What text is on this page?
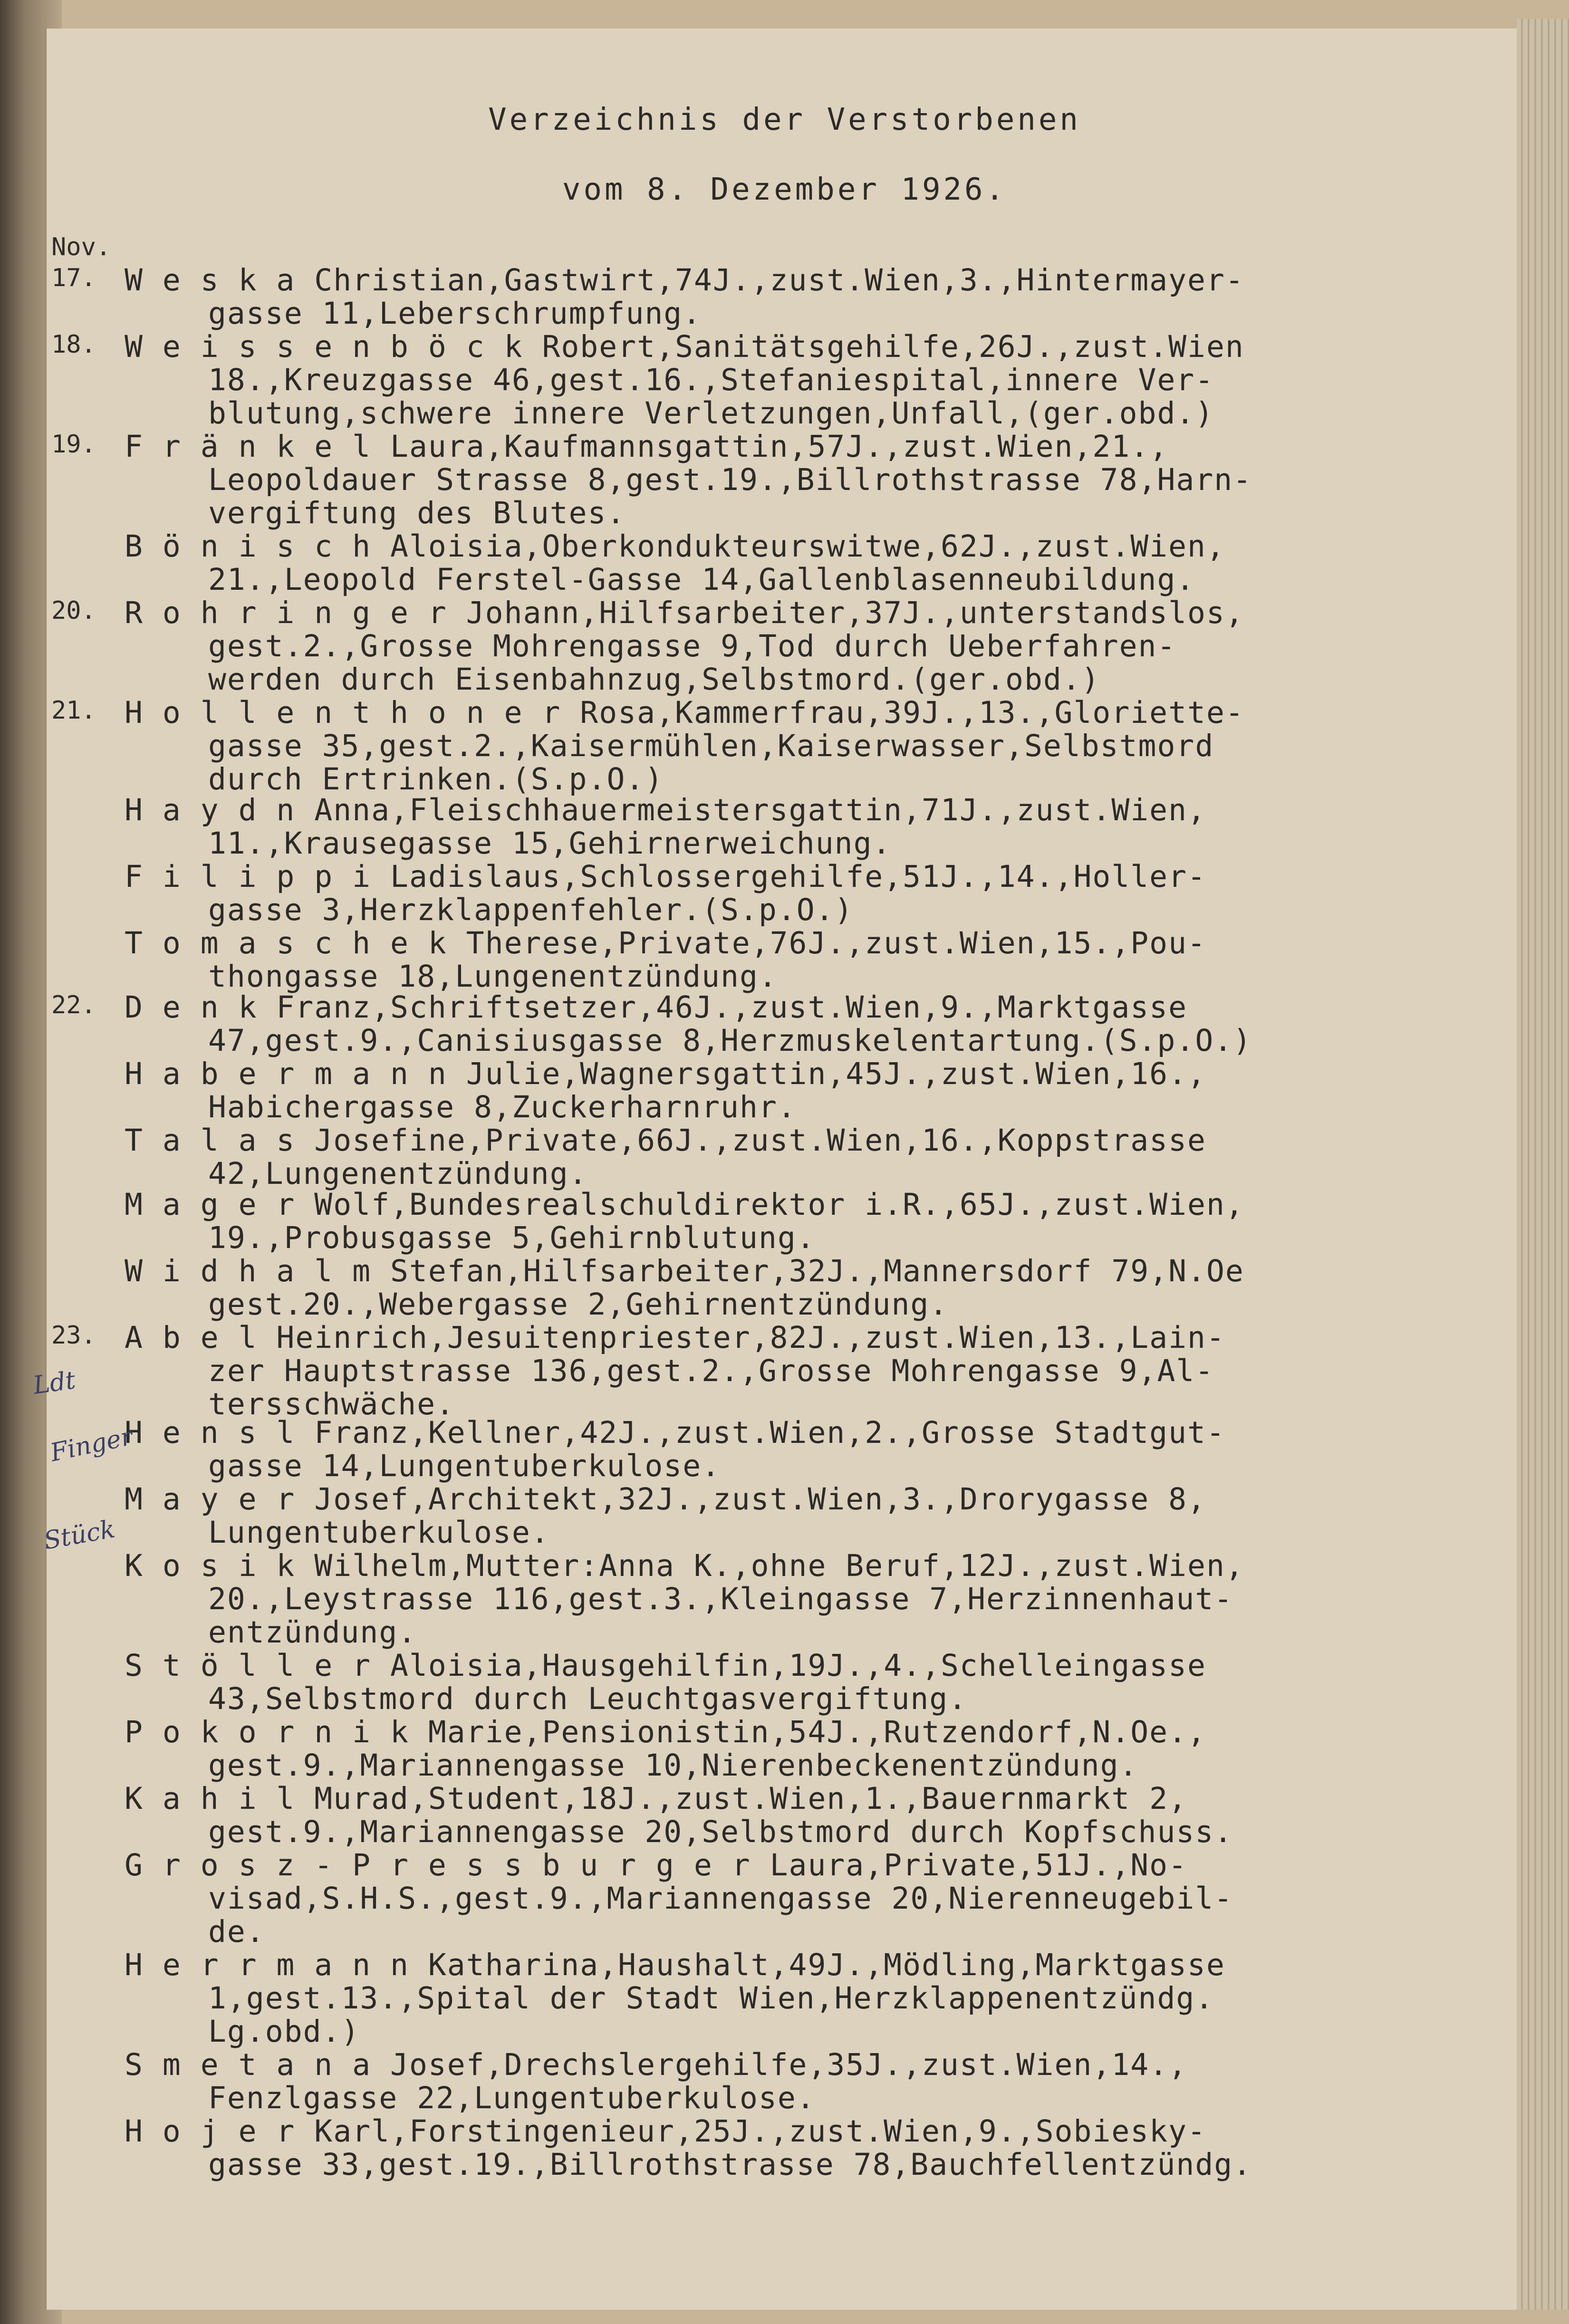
Verzeichnis der Verstorbenen
vom 8. Dezember 1926.
Nov.
17. W e s k a Christian,Gastwirt,74J.,zust.Wien,3.,Hintermayer-
gasse 11,Leberschrumpfung.
18. W e i s s e n b ö c k Robert,Sanitätsgehilfe,26J.,zust.Wien
18.,Kreuzgasse 46,gest.16.,Stefaniespital,innere Ver-
blutung,schwere innere Verletzungen,Unfall,(ger.obd.)
19. F r ä n k e l Laura,Kaufmannsgattin,57J.,zust.Wien,21.,
Leopoldauer Strasse 8,gest.19.,Billrothstrasse 78,Harn-
vergiftung des Blutes.
B ö n i s c h Aloisia,Oberkondukteurswitwe,62J.,zust.Wien,
21.,Leopold Ferstel-Gasse 14,Gallenblasenneubildung.
20. R o h r i n g e r Johann,Hilfsarbeiter,37J.,unterstandslos,
gest.2.,Grosse Mohrengasse 9,Tod durch Ueberfahren-
werden durch Eisenbahnzug,Selbstmord.(ger.obd.)
21. H o l l e n t h o n e r Rosa,Kammerfrau,39J.,13.,Gloriette-
gasse 35,gest.2.,Kaisermühlen,Kaiserwasser,Selbstmord
durch Ertrinken.(S.p.O.)
H a y d n Anna,Fleischhauermeistersgattin,71J.,zust.Wien,
11.,Krausegasse 15,Gehirnerweichung.
F i l i p p i Ladislaus,Schlossergehilfe,51J.,14.,Holler-
gasse 3,Herzklappenfehler.(S.p.O.)
T o m a s c h e k Therese,Private,76J.,zust.Wien,15.,Pou-
thongasse 18,Lungenentzündung.
22. D e n k Franz,Schriftsetzer,46J.,zust.Wien,9.,Marktgasse
47,gest.9.,Canisiusgasse 8,Herzmuskelentartung.(S.p.O.)
H a b e r m a n n Julie,Wagnersgattin,45J.,zust.Wien,16.,
Habichergasse 8,Zuckerharnruhr.
T a l a s Josefine,Private,66J.,zust.Wien,16.,Koppstrasse
42,Lungenentzündung.
M a g e r Wolf,Bundesrealschuldirektor i.R.,65J.,zust.Wien,
19.,Probusgasse 5,Gehirnblutung.
W i d h a l m Stefan,Hilfsarbeiter,32J.,Mannersdorf 79,N.Oe
gest.20.,Webergasse 2,Gehirnentzündung.
23. A b e l Heinrich,Jesuitenpriester,82J.,zust.Wien,13.,Lain-
zer Hauptstrasse 136,gest.2.,Grosse Mohrengasse 9,Al-
tersschwäche.
H e n s l Franz,Kellner,42J.,zust.Wien,2.,Grosse Stadtgut-
gasse 14,Lungentuberkulose.
M a y e r Josef,Architekt,32J.,zust.Wien,3.,Drorygasse 8,
Lungentuberkulose.
K o s i k Wilhelm,Mutter:Anna K.,ohne Beruf,12J.,zust.Wien,
20.,Leystrasse 116,gest.3.,Kleingasse 7,Herzinnenhaut-
entzündung.
S t ö l l e r Aloisia,Hausgehilfin,19J.,4.,Schelleingasse
43,Selbstmord durch Leuchtgasvergiftung.
P o k o r n i k Marie,Pensionistin,54J.,Rutzendorf,N.Oe.,
gest.9.,Mariannengasse 10,Nierenbeckenentzündung.
K a h i l Murad,Student,18J.,zust.Wien,1.,Bauernmarkt 2,
gest.9.,Mariannengasse 20,Selbstmord durch Kopfschuss.
G r o s z - P r e s s b u r g e r Laura,Private,51J.,No-
visad,S.H.S.,gest.9.,Mariannengasse 20,Nierenneugebil-
de.
H e r r m a n n Katharina,Haushalt,49J.,Mödling,Marktgasse
1,gest.13.,Spital der Stadt Wien,Herzklappenentzündg.
Lg.obd.)
S m e t a n a Josef,Drechslergehilfe,35J.,zust.Wien,14.,
Fenzlgasse 22,Lungentuberkulose.
H o j e r Karl,Forstingenieur,25J.,zust.Wien,9.,Sobiesky-
gasse 33,gest.19.,Billrothstrasse 78,Bauchfellentzündg.
Ldt
Finger
Stück
